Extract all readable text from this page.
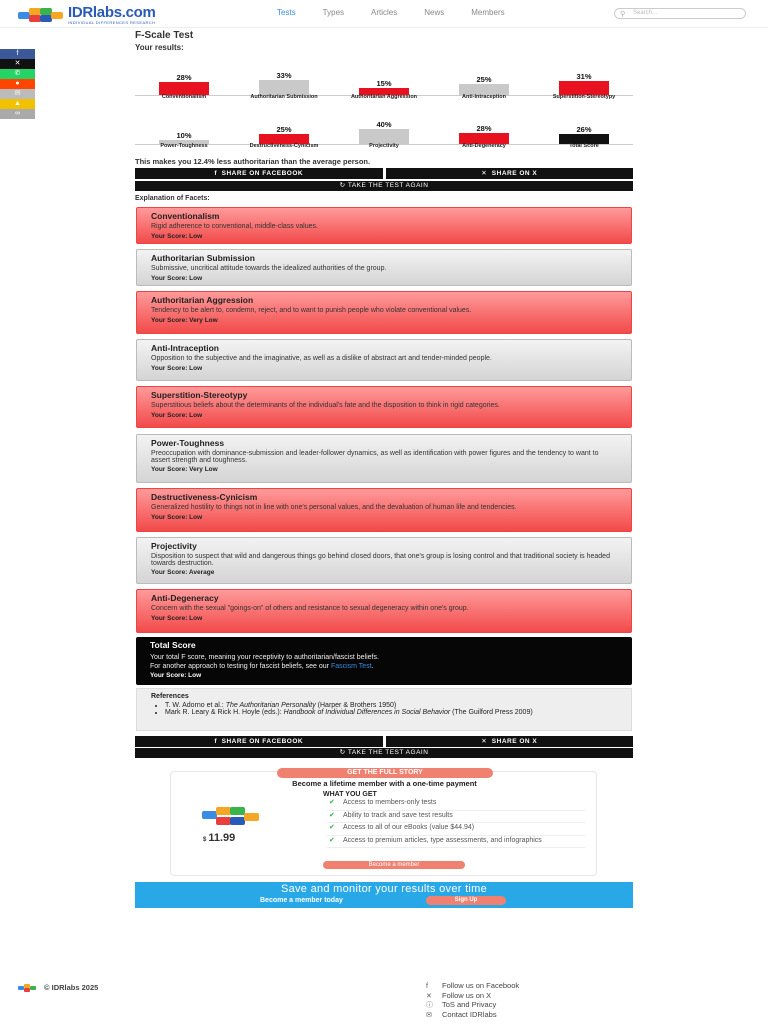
IDRlabs.com
INDIVIDUAL DIFFERENCES RESEARCH
Tests	Types	Articles	News	Members	⚲ Search...
f
✕
✆
●
✉
▲
∞
F-Scale Test
Your results:
28%	33%
15%	25%	31%
Conventionalism	Authoritarian Submission	Authoritarian Aggression	Anti-Intraception	Superstition-Stereotypy
10%
25%
40%
28%	26%
Power-Toughness	Destructiveness-Cynicism	Projectivity	Anti-Degeneracy	Total Score
This makes you 12.4% less authoritarian than the average person.
f  SHARE ON FACEBOOK	✕  SHARE ON X
↻ TAKE THE TEST AGAIN
Explanation of Facets:
Conventionalism

Rigid adherence to conventional, middle-class values.

Your Score: Low
Authoritarian Submission

Submissive, uncritical attitude towards the idealized authorities of the group.

Your Score: Low
Authoritarian Aggression

Tendency to be alert to, condemn, reject, and to want to punish people who violate conventional values.

Your Score: Very Low
Anti-Intraception

Opposition to the subjective and the imaginative, as well as a dislike of abstract art and tender-minded people.

Your Score: Low
Superstition-Stereotypy

Superstitious beliefs about the determinants of the individual's fate and the disposition to think in rigid categories.

Your Score: Low
Power-Toughness

Preoccupation with dominance-submission and leader-follower dynamics, as well as identification with power figures and the tendency to want to assert strength and toughness.

Your Score: Very Low
Destructiveness-Cynicism

Generalized hostility to things not in line with one's personal values, and the devaluation of human life and tendencies.

Your Score: Low
Projectivity

Disposition to suspect that wild and dangerous things go behind closed doors, that one's group is losing control and that traditional society is headed towards destruction.

Your Score: Average
Anti-Degeneracy

Concern with the sexual "goings-on" of others and resistance to sexual degeneracy within one's group.

Your Score: Low
Total Score

Your total F score, meaning your receptivity to authoritarian/fascist beliefs.

For another approach to testing for fascist beliefs, see our Fascism Test.

Your Score: Low
References
• T. W. Adorno et al.: The Authoritarian Personality (Harper & Brothers 1950)
• Mark R. Leary & Rick H. Hoyle (eds.): Handbook of Individual Differences in Social Behavior (The Guilford Press 2009)
f  SHARE ON FACEBOOK	✕  SHARE ON X
↻ TAKE THE TEST AGAIN
GET THE FULL STORY
Become a lifetime member with a one-time payment
$ 11.99
WHAT YOU GET
✔ Access to members-only tests
✔ Ability to track and save test results
✔ Access to all of our eBooks (value $44.94)
✔ Access to premium articles, type assessments, and infographics
Become a member
Save and monitor your results over time
Become a member today	Sign Up
© IDRlabs 2025	f Follow us on Facebook
✕ Follow us on X
ⓘ ToS and Privacy
✉ Contact IDRlabs
